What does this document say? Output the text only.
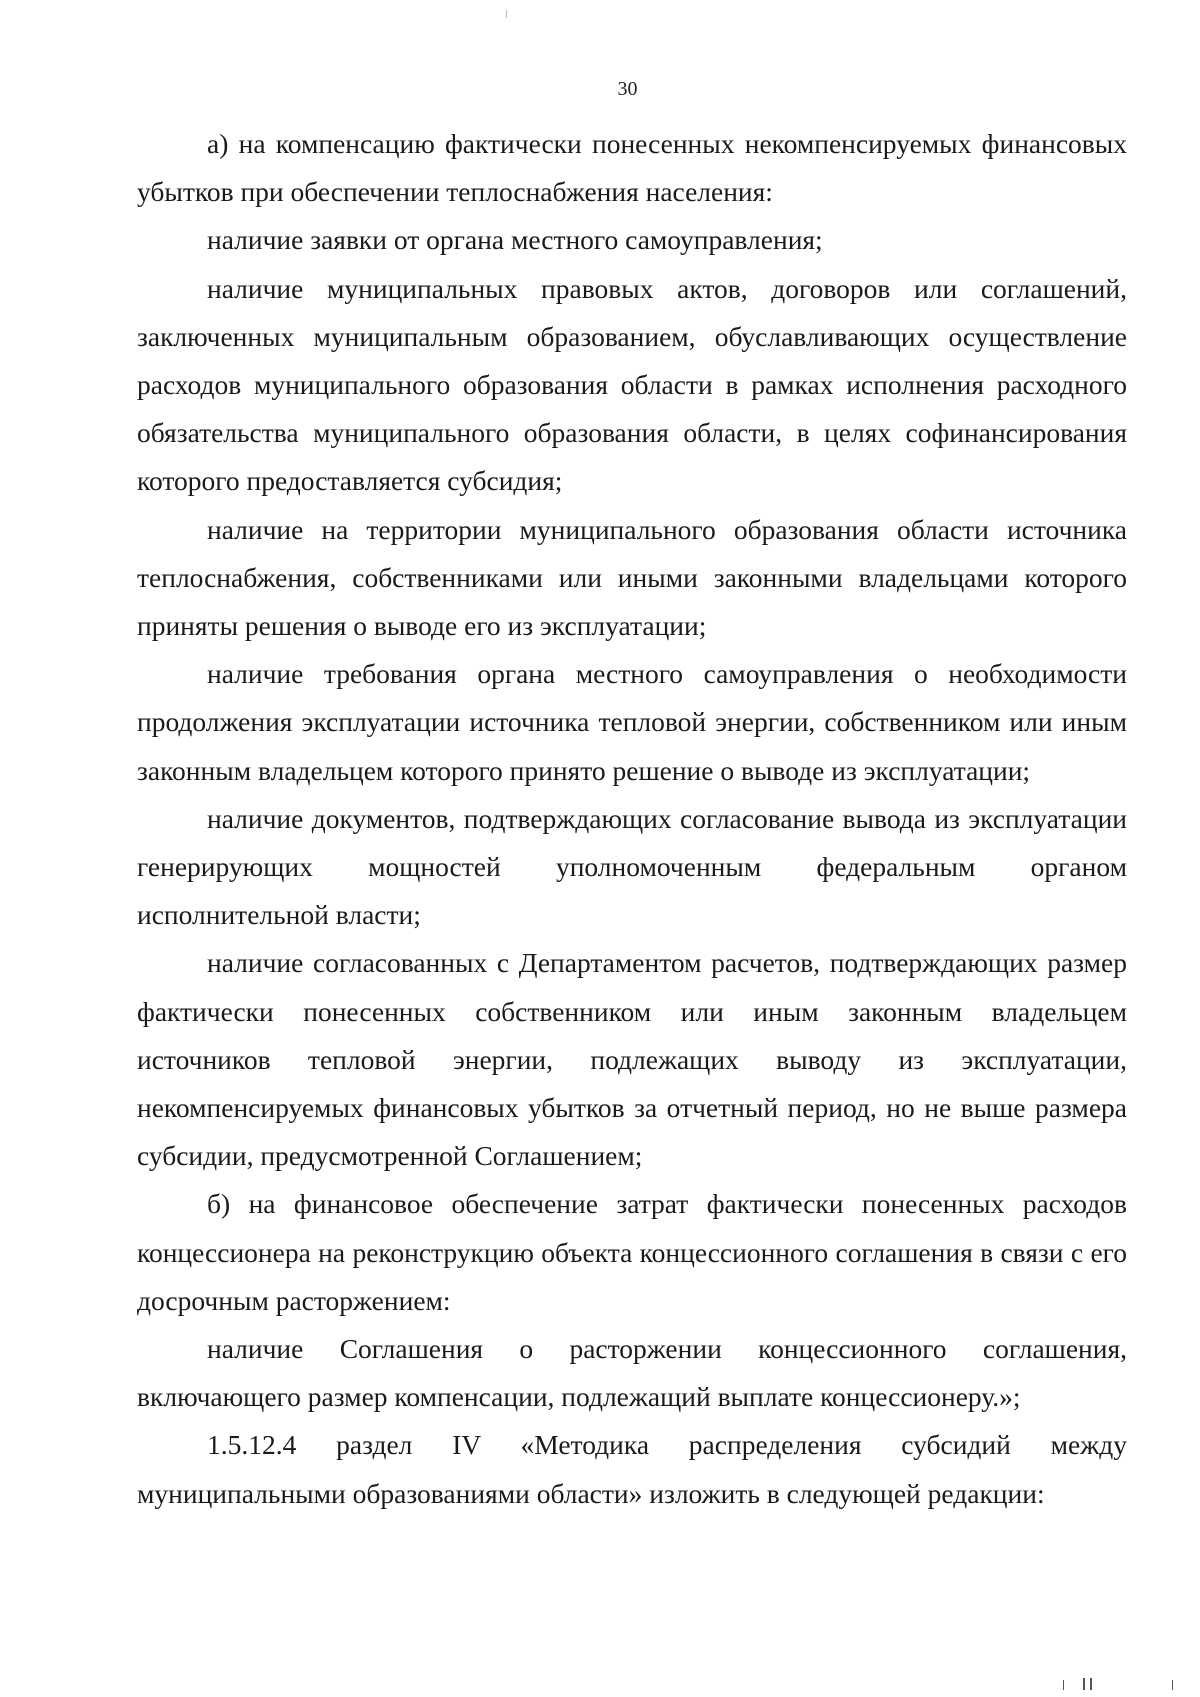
30

а) на компенсацию фактически понесенных некомпенсируемых финансовых убытков при обеспечении теплоснабжения населения:

наличие заявки от органа местного самоуправления;

наличие муниципальных правовых актов, договоров или соглашений, заключенных муниципальным образованием, обуславливающих осуществление расходов муниципального образования области в рамках исполнения расходного обязательства муниципального образования области, в целях софинансирования которого предоставляется субсидия;

наличие на территории муниципального образования области источника теплоснабжения, собственниками или иными законными владельцами которого приняты решения о выводе его из эксплуатации;

наличие требования органа местного самоуправления о необходимости продолжения эксплуатации источника тепловой энергии, собственником или иным законным владельцем которого принято решение о выводе из эксплуатации;

наличие документов, подтверждающих согласование вывода из эксплуатации генерирующих мощностей уполномоченным федеральным органом исполнительной власти;

наличие согласованных с Департаментом расчетов, подтверждающих размер фактически понесенных собственником или иным законным владельцем источников тепловой энергии, подлежащих выводу из эксплуатации, некомпенсируемых финансовых убытков за отчетный период, но не выше размера субсидии, предусмотренной Соглашением;

б) на финансовое обеспечение затрат фактически понесенных расходов концессионера на реконструкцию объекта концессионного соглашения в связи с его досрочным расторжением:

наличие Соглашения о расторжении концессионного соглашения, включающего размер компенсации, подлежащий выплате концессионеру.»;

1.5.12.4 раздел IV «Методика распределения субсидий между муниципальными образованиями области» изложить в следующей редакции:
